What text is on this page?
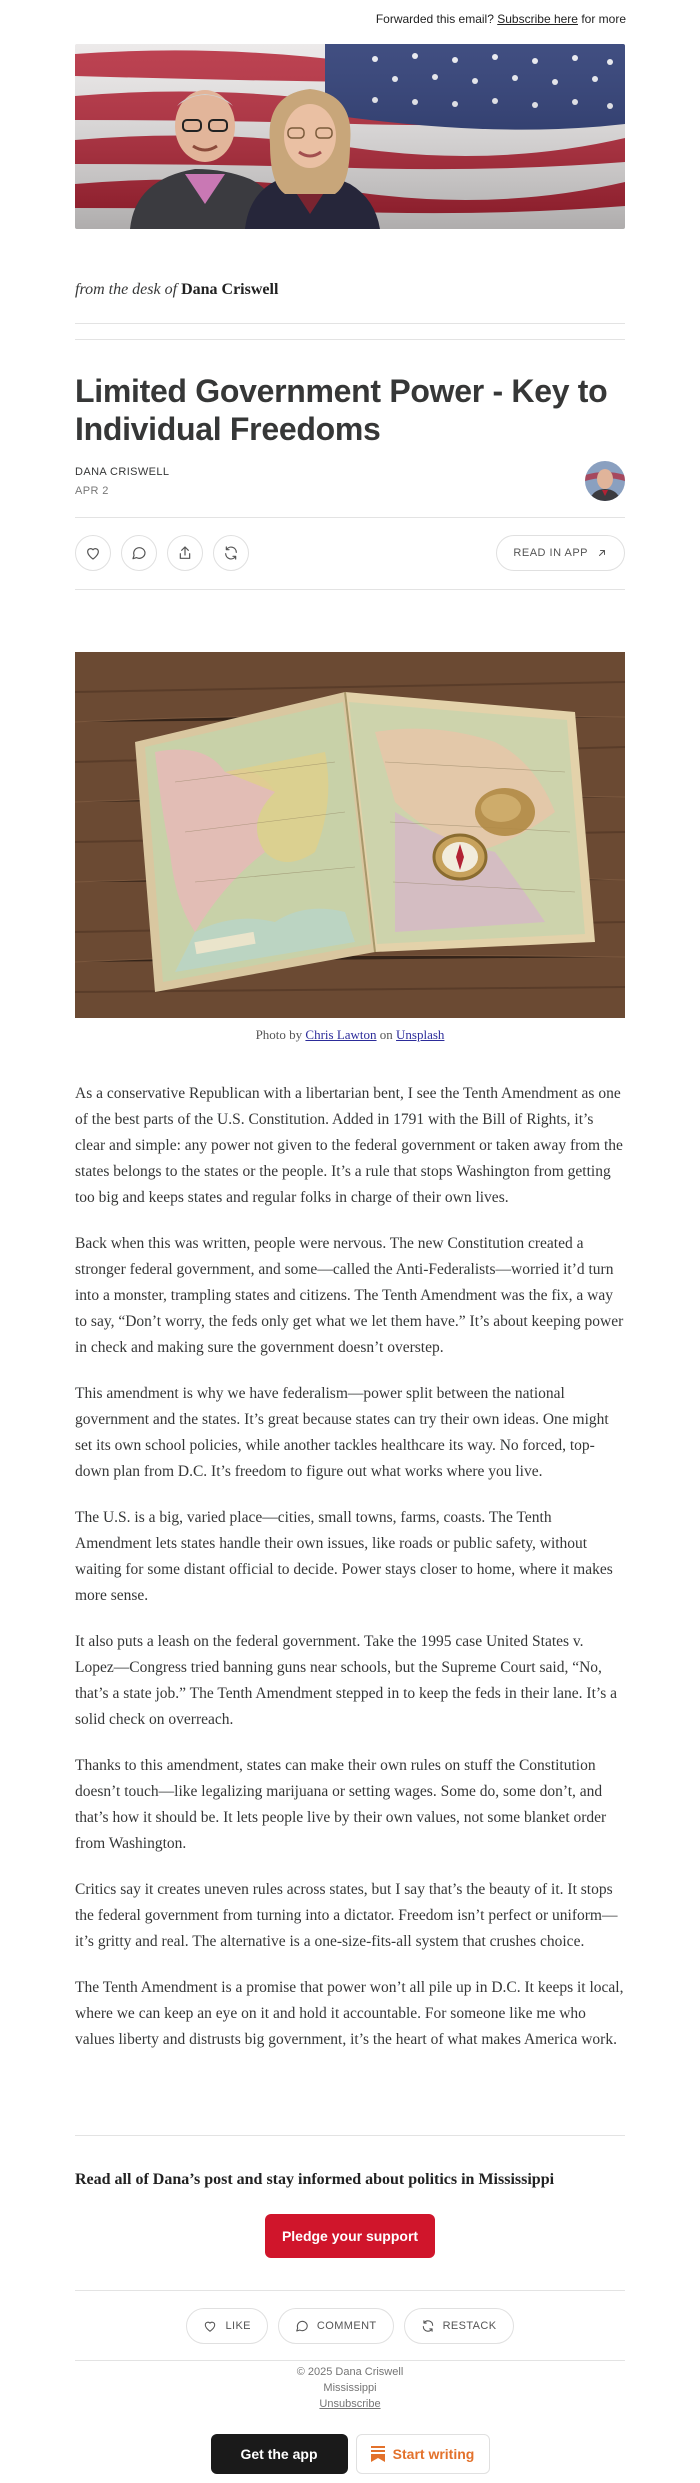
Forwarded this email? Subscribe here for more
from the desk of Dana Criswell
Limited Government Power - Key to Individual Freedoms
DANA CRISWELL
APR 2
READ IN APP
Photo by Chris Lawton on Unsplash

As a conservative Republican with a libertarian bent, I see the Tenth Amendment as one of the best parts of the U.S. Constitution. Added in 1791 with the Bill of Rights, it’s clear and simple: any power not given to the federal government or taken away from the states belongs to the states or the people. It’s a rule that stops Washington from getting too big and keeps states and regular folks in charge of their own lives.

Back when this was written, people were nervous. The new Constitution created a stronger federal government, and some—called the Anti-Federalists—worried it’d turn into a monster, trampling states and citizens. The Tenth Amendment was the fix, a way to say, “Don’t worry, the feds only get what we let them have.” It’s about keeping power in check and making sure the government doesn’t overstep.

This amendment is why we have federalism—power split between the national government and the states. It’s great because states can try their own ideas. One might set its own school policies, while another tackles healthcare its way. No forced, top-down plan from D.C. It’s freedom to figure out what works where you live.

The U.S. is a big, varied place—cities, small towns, farms, coasts. The Tenth Amendment lets states handle their own issues, like roads or public safety, without waiting for some distant official to decide. Power stays closer to home, where it makes more sense.

It also puts a leash on the federal government. Take the 1995 case United States v. Lopez—Congress tried banning guns near schools, but the Supreme Court said, “No, that’s a state job.” The Tenth Amendment stepped in to keep the feds in their lane. It’s a solid check on overreach.

Thanks to this amendment, states can make their own rules on stuff the Constitution doesn’t touch—like legalizing marijuana or setting wages. Some do, some don’t, and that’s how it should be. It lets people live by their own values, not some blanket order from Washington.

Critics say it creates uneven rules across states, but I say that’s the beauty of it. It stops the federal government from turning into a dictator. Freedom isn’t perfect or uniform—it’s gritty and real. The alternative is a one-size-fits-all system that crushes choice.

The Tenth Amendment is a promise that power won’t all pile up in D.C. It keeps it local, where we can keep an eye on it and hold it accountable. For someone like me who values liberty and distrusts big government, it’s the heart of what makes America work.

Read all of Dana’s post and stay informed about politics in Mississippi
Pledge your support
LIKE	COMMENT	RESTACK
© 2025 Dana Criswell
Mississippi
Unsubscribe
Get the app	Start writing
